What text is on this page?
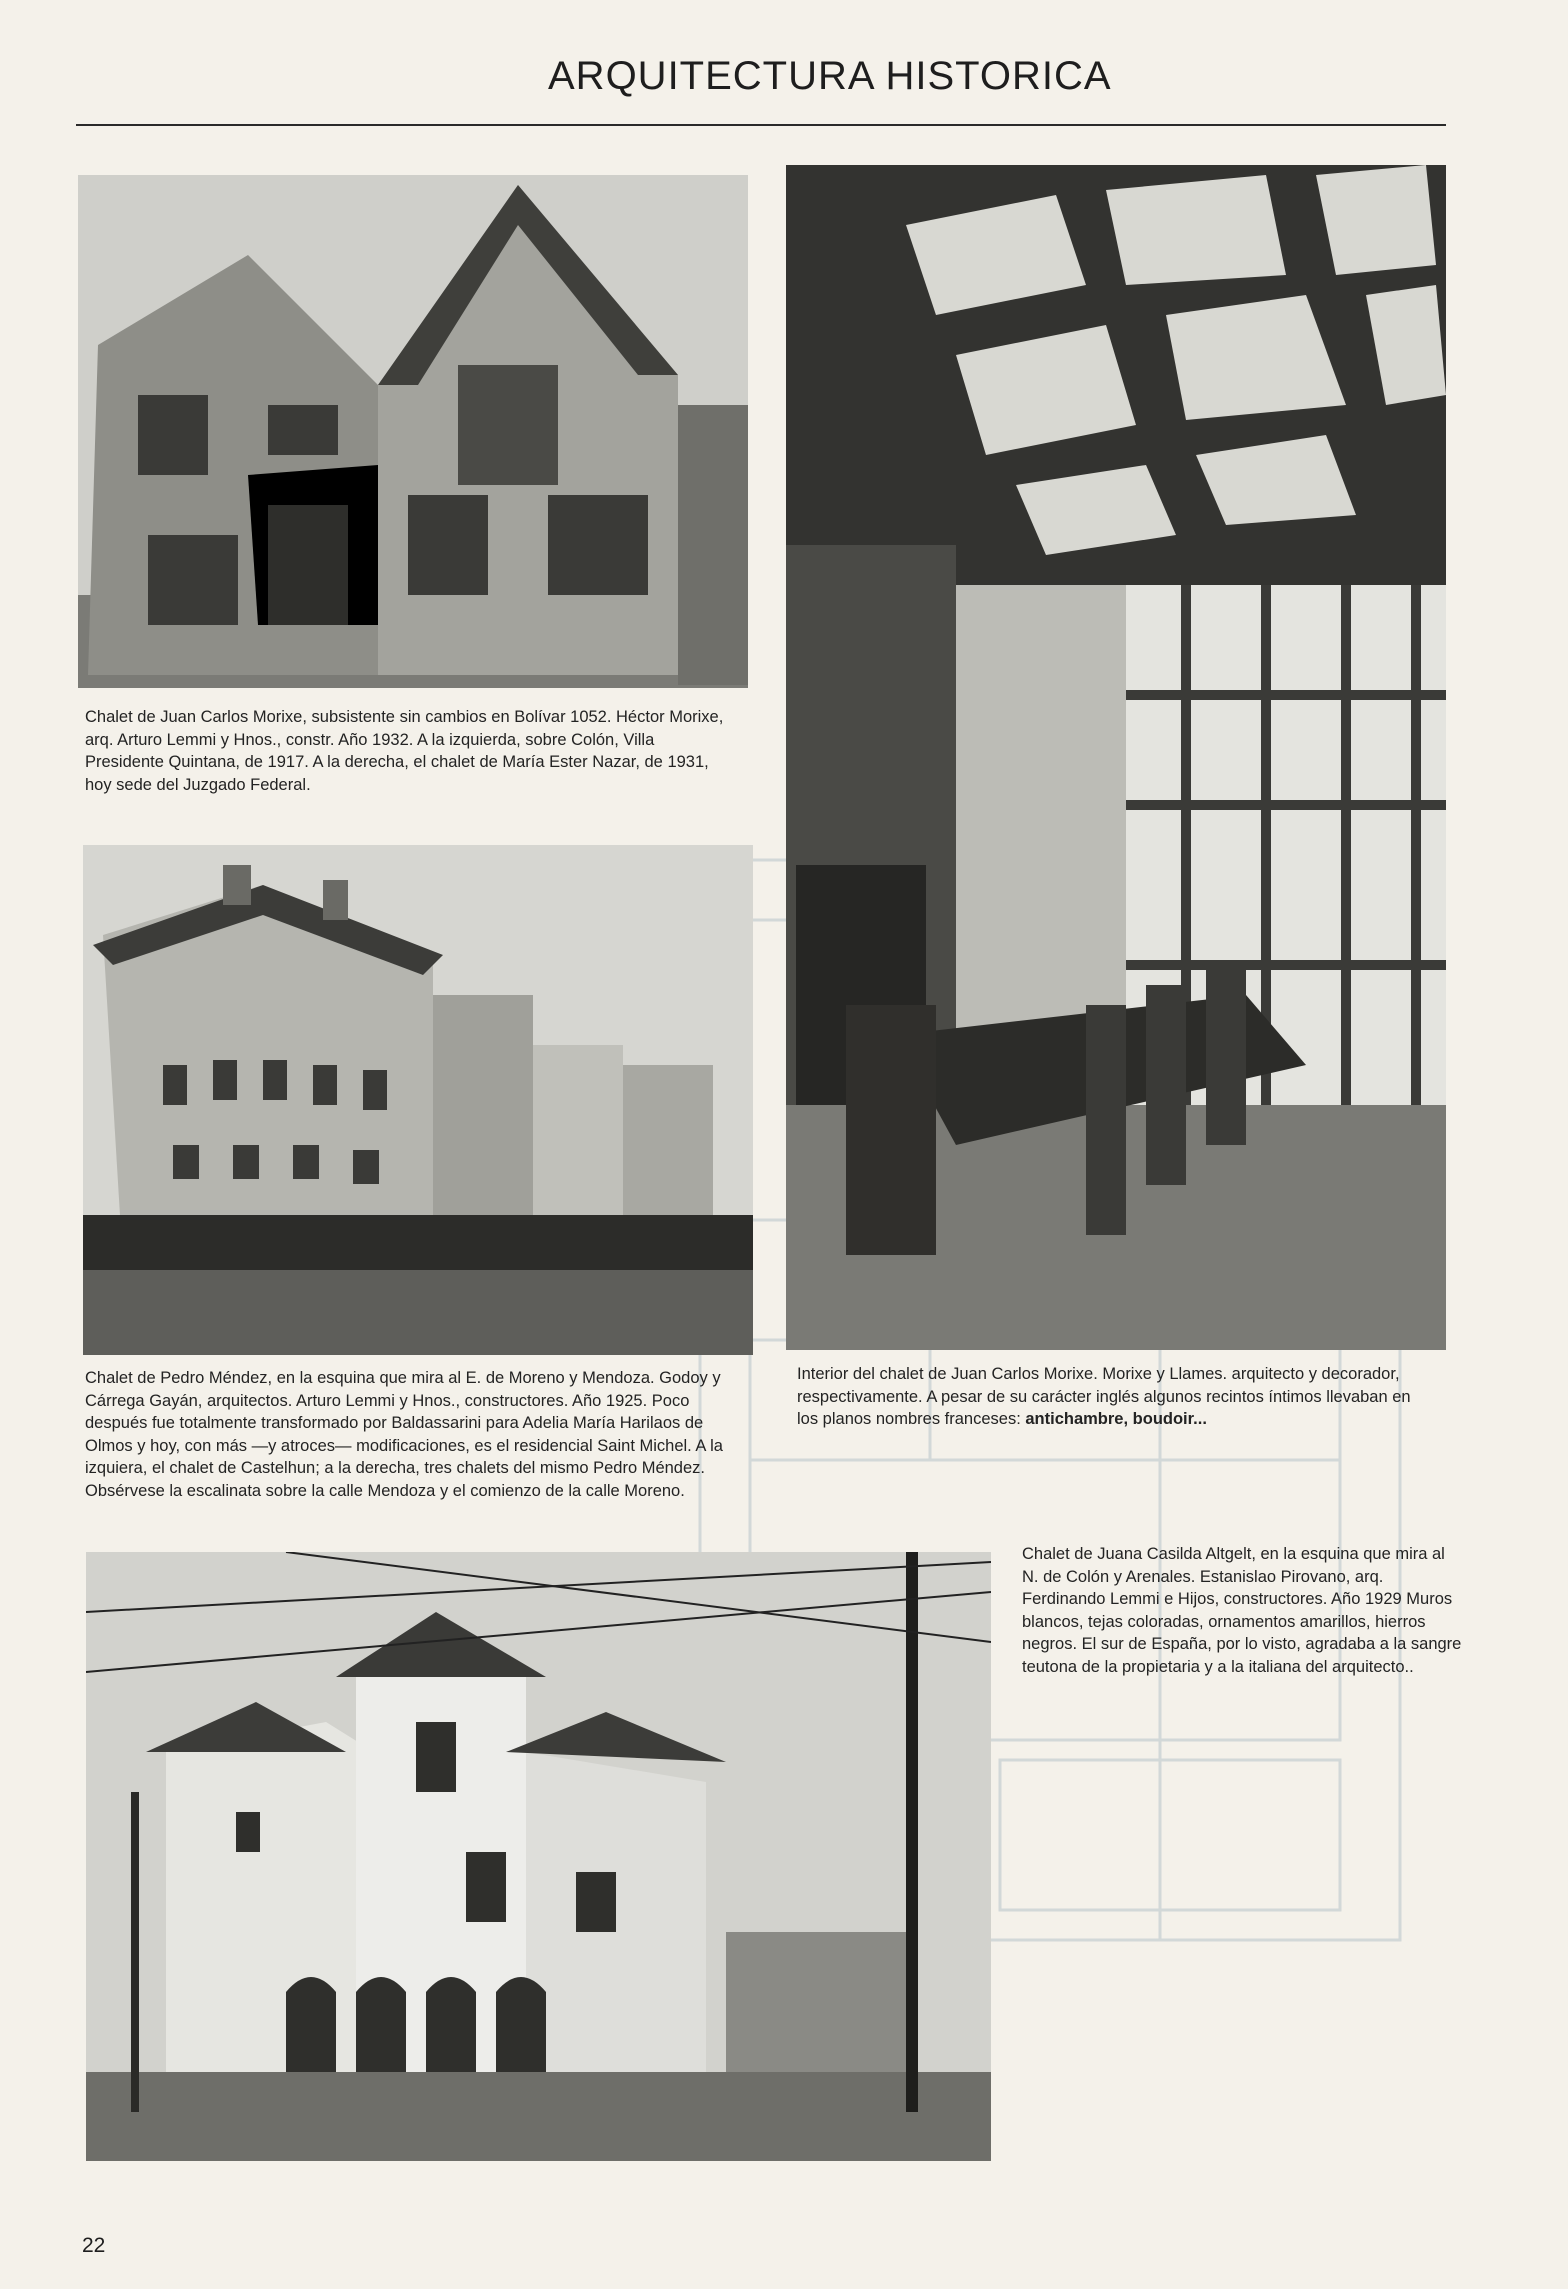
ARQUITECTURA HISTORICA

Chalet de Juan Carlos Morixe, subsistente sin cambios en Bolívar 1052. Héctor Morixe, arq. Arturo Lemmi y Hnos., constr. Año 1932. A la izquierda, sobre Colón, Villa Presidente Quintana, de 1917. A la derecha, el chalet de María Ester Nazar, de 1931, hoy sede del Juzgado Federal.

Interior del chalet de Juan Carlos Morixe. Morixe y Llames. arquitecto y decorador, respectivamente. A pesar de su carácter inglés algunos recintos íntimos llevaban en los planos nombres franceses: antichambre, boudoir...

Chalet de Pedro Méndez, en la esquina que mira al E. de Moreno y Mendoza. Godoy y Cárrega Gayán, arquitectos. Arturo Lemmi y Hnos., constructores. Año 1925. Poco después fue totalmente transformado por Baldassarini para Adelia María Harilaos de Olmos y hoy, con más —y atroces— modificaciones, es el residencial Saint Michel. A la izquiera, el chalet de Castelhun; a la derecha, tres chalets del mismo Pedro Méndez. Obsérvese la escalinata sobre la calle Mendoza y el comienzo de la calle Moreno.

Chalet de Juana Casilda Altgelt, en la esquina que mira al N. de Colón y Arenales. Estanislao Pirovano, arq. Ferdinando Lemmi e Hijos, constructores. Año 1929 Muros blancos, tejas coloradas, ornamentos amarillos, hierros negros. El sur de España, por lo visto, agradaba a la sangre teutona de la propietaria y a la italiana del arquitecto..

22
